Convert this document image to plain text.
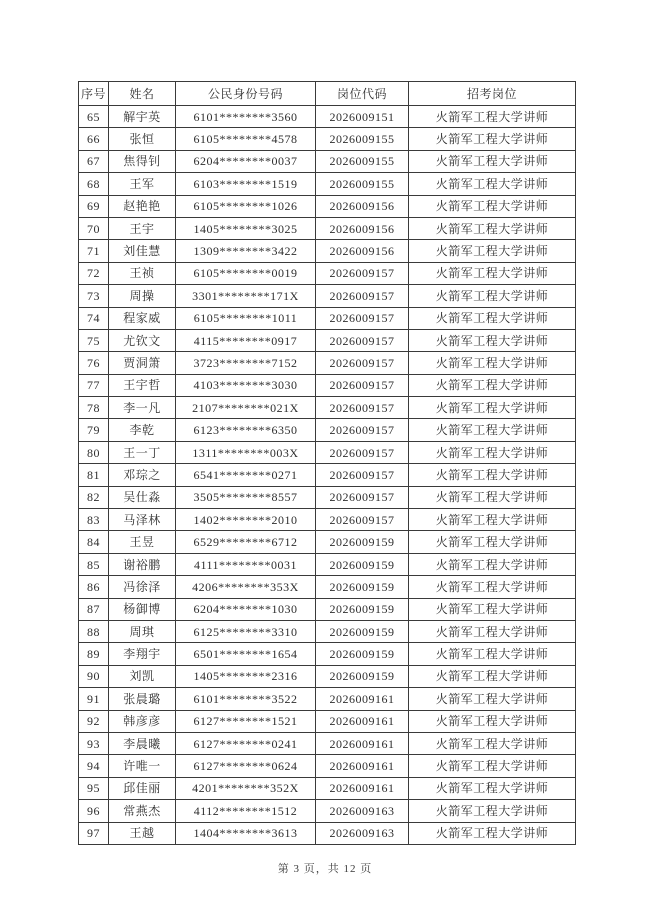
序号	姓名	公民身份号码	岗位代码	招考岗位
65	解宇英	6101********3560	2026009151	火箭军工程大学讲师
66	张恒	6105********4578	2026009155	火箭军工程大学讲师
67	焦得钊	6204********0037	2026009155	火箭军工程大学讲师
68	王军	6103********1519	2026009155	火箭军工程大学讲师
69	赵艳艳	6105********1026	2026009156	火箭军工程大学讲师
70	王宇	1405********3025	2026009156	火箭军工程大学讲师
71	刘佳慧	1309********3422	2026009156	火箭军工程大学讲师
72	王祯	6105********0019	2026009157	火箭军工程大学讲师
73	周操	3301********171X	2026009157	火箭军工程大学讲师
74	程家威	6105********1011	2026009157	火箭军工程大学讲师
75	尤钦文	4115********0917	2026009157	火箭军工程大学讲师
76	贾洞箫	3723********7152	2026009157	火箭军工程大学讲师
77	王宇哲	4103********3030	2026009157	火箭军工程大学讲师
78	李一凡	2107********021X	2026009157	火箭军工程大学讲师
79	李乾	6123********6350	2026009157	火箭军工程大学讲师
80	王一丁	1311********003X	2026009157	火箭军工程大学讲师
81	邓琮之	6541********0271	2026009157	火箭军工程大学讲师
82	吴仕淼	3505********8557	2026009157	火箭军工程大学讲师
83	马泽林	1402********2010	2026009157	火箭军工程大学讲师
84	王昱	6529********6712	2026009159	火箭军工程大学讲师
85	谢裕鹏	4111********0031	2026009159	火箭军工程大学讲师
86	冯徐泽	4206********353X	2026009159	火箭军工程大学讲师
87	杨御博	6204********1030	2026009159	火箭军工程大学讲师
88	周琪	6125********3310	2026009159	火箭军工程大学讲师
89	李翔宇	6501********1654	2026009159	火箭军工程大学讲师
90	刘凯	1405********2316	2026009159	火箭军工程大学讲师
91	张晨璐	6101********3522	2026009161	火箭军工程大学讲师
92	韩彦彦	6127********1521	2026009161	火箭军工程大学讲师
93	李晨曦	6127********0241	2026009161	火箭军工程大学讲师
94	许唯一	6127********0624	2026009161	火箭军工程大学讲师
95	邱佳丽	4201********352X	2026009161	火箭军工程大学讲师
96	常燕杰	4112********1512	2026009163	火箭军工程大学讲师
97	王越	1404********3613	2026009163	火箭军工程大学讲师
第 3 页，共 12 页
